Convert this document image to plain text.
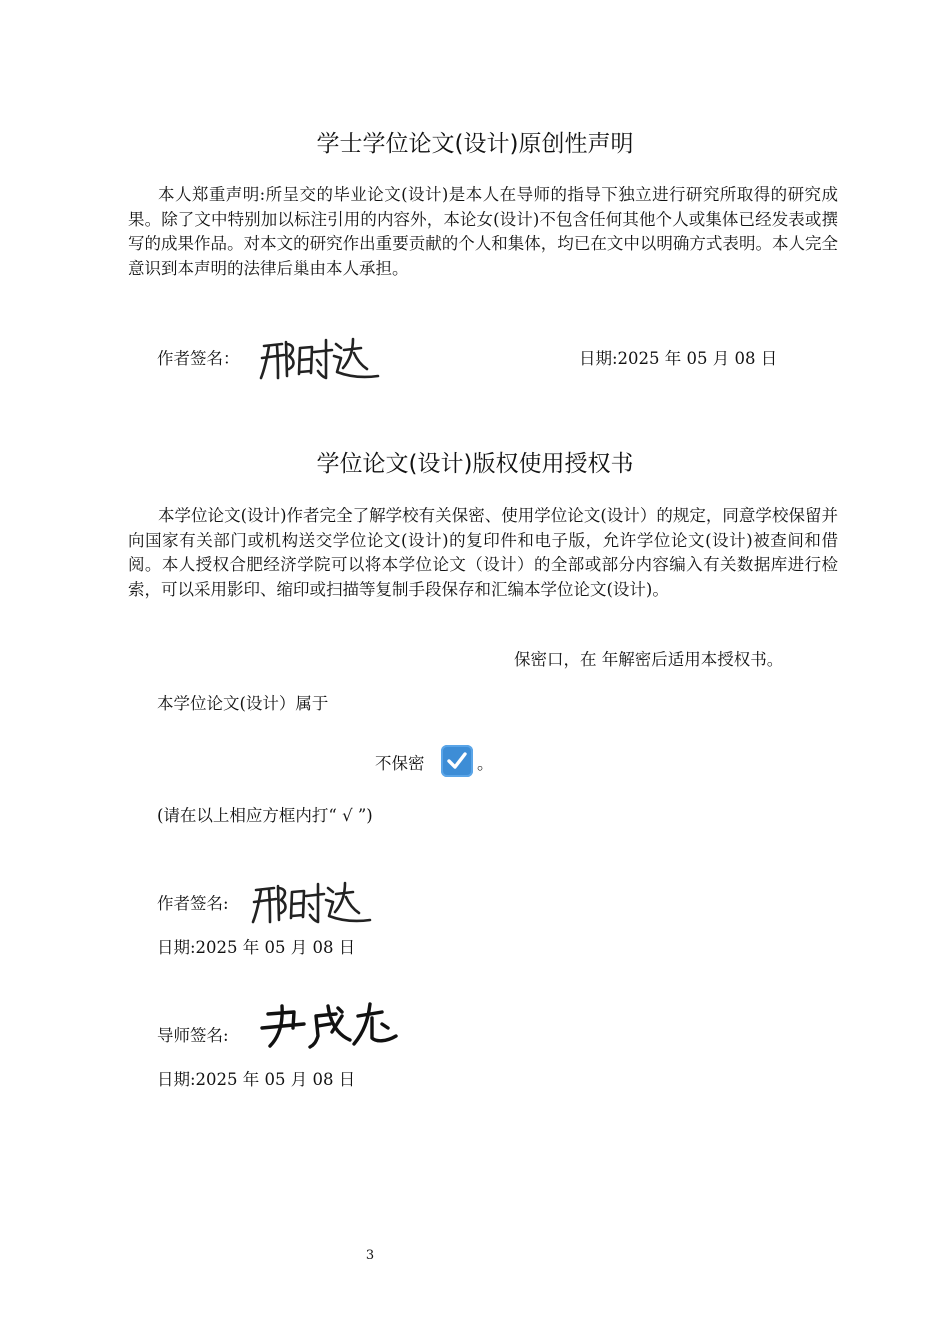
学士学位论文(设计)原创性声明

本人郑重声明:所呈交的毕业论文(设计)是本人在导师的指导下独立进行研究所取得的研究成果。除了文中特别加以标注引用的内容外，本论女(设计)不包含任何其他个人或集体已经发表或撰写的成果作品。对本文的研究作出重要贡献的个人和集体，均已在文中以明确方式表明。本人完全意识到本声明的法律后巢由本人承担。

作者签名：	日期:2025 年 05 月 08 日
学位论文(设计)版权使用授权书

本学位论文(设计)作者完全了解学校有关保密、使用学位论文(设计）的规定，同意学校保留并向国家有关部门或机构送交学位论文(设计)的复印件和电子版，允许学位论文(设计)被查间和借阅。本人授权合肥经济学院可以将本学位论文（设计）的全部或部分内容编入有关数据库进行检索，可以采用影印、缩印或扫描等复制手段保存和汇编本学位论文(设计)。

保密口，在 年解密后适用本授权书。
本学位论文(设计）属于
不保密	。
(请在以上相应方框内打“ √ ”)
作者签名:
日期:2025 年 05 月 08 日
导师签名:
日期:2025 年 05 月 08 日
3
